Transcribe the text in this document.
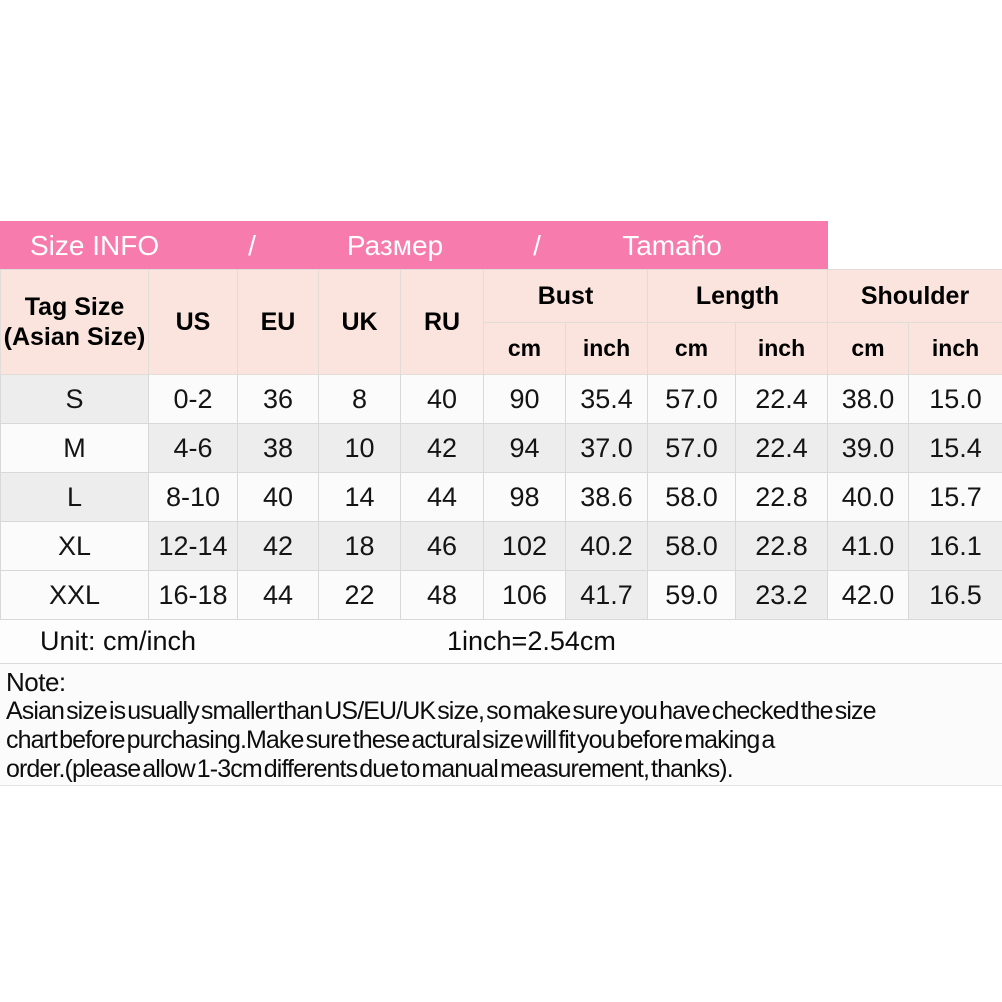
Size INFO	/	Размер	/	Tamaño
Tag Size
(Asian Size)	US	EU	UK	RU	Bust		Length		Shoulder	
					cm	inch	cm	inch	cm	inch
S	0-2	36	8	40	90	35.4	57.0	22.4	38.0	15.0
M	4-6	38	10	42	94	37.0	57.0	22.4	39.0	15.4
L	8-10	40	14	44	98	38.6	58.0	22.8	40.0	15.7
XL	12-14	42	18	46	102	40.2	58.0	22.8	41.0	16.1
XXL	16-18	44	22	48	106	41.7	59.0	23.2	42.0	16.5
Unit: cm/inch	1inch=2.54cm
Note:
Asian size is usually smaller than US/EU/UK size, so make sure you have checked the size
chart before purchasing.Make sure these actural size will fit you before making a
order.(please allow 1-3cm differents due to manual measurement, thanks).
